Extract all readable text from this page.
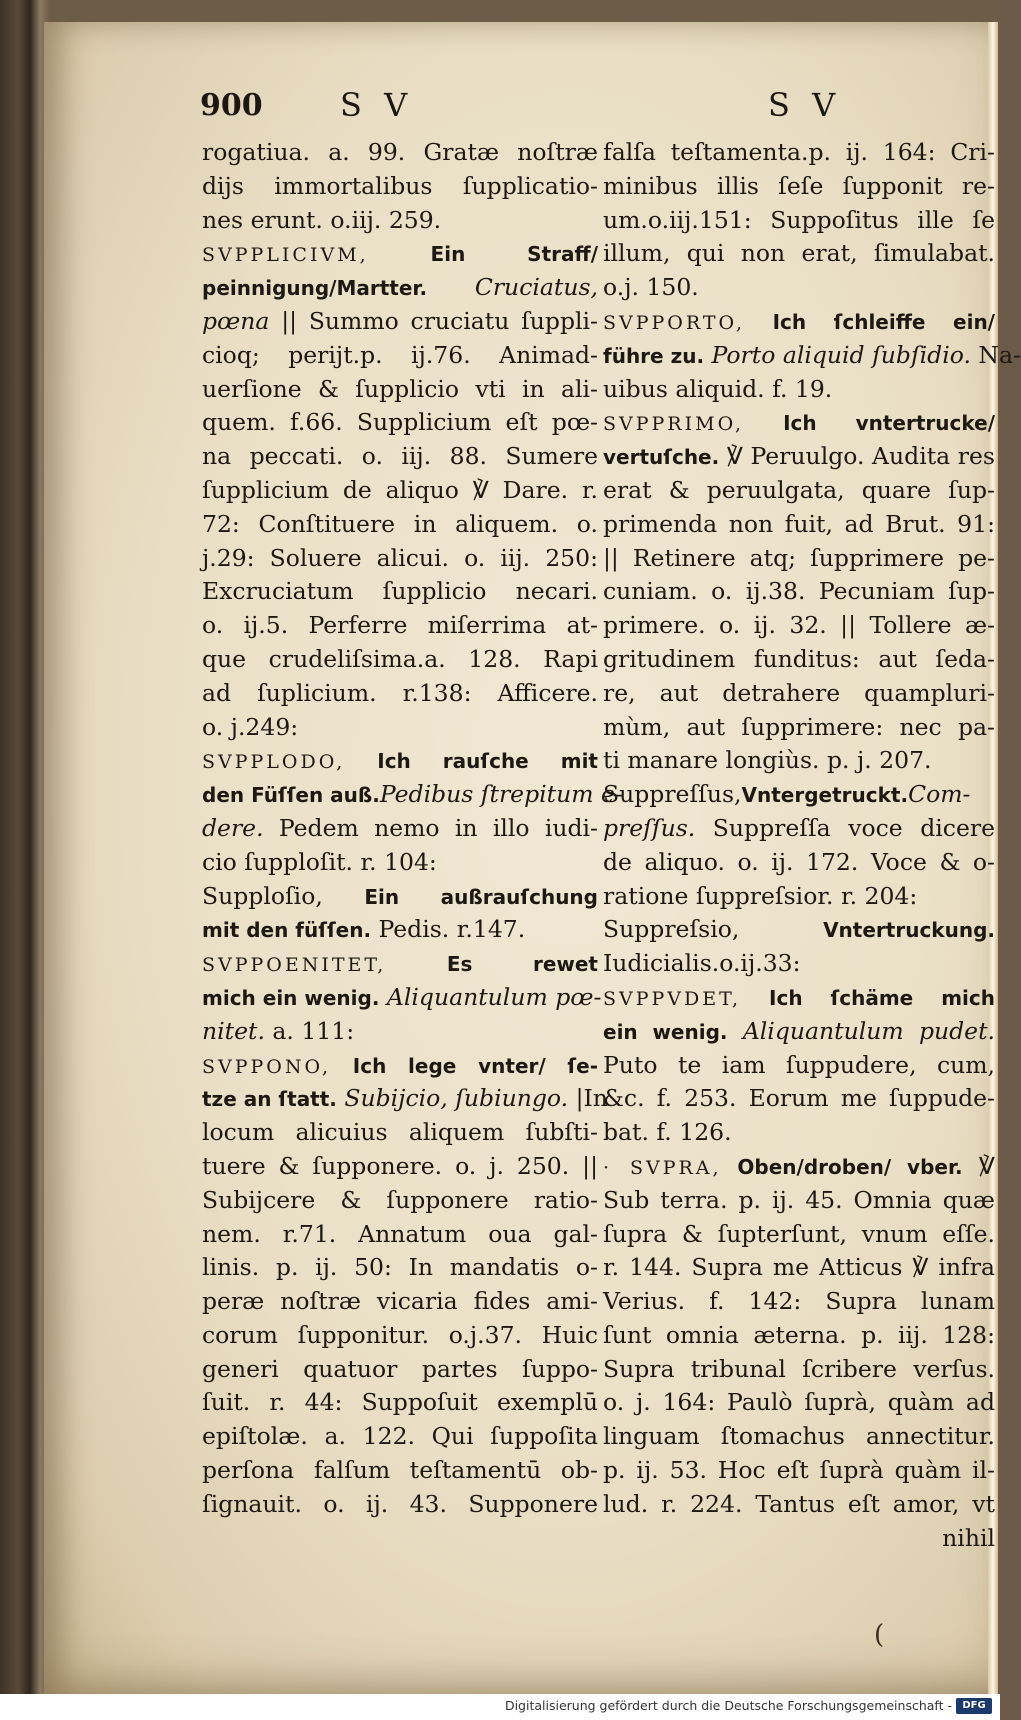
900 S V	S V
rogatiua. a. 99. Gratæ noſtræ
dijs immortalibus ſupplicatio-
nes erunt. o.iij. 259.
SVPPLICIVM, Ein Straff/
peinnigung/Martter. Cruciatus,
pœna || Summo cruciatu ſuppli-
cioq; perijt.p. ij.76. Animad-
uerſione & ſupplicio vti in ali-
quem. f.66. Supplicium eſt pœ-
na peccati. o. iij. 88. Sumere
ſupplicium de aliquo ℣ Dare. r.
72: Conſtituere in aliquem. o.
j.29: Soluere alicui. o. iij. 250:
Excruciatum ſupplicio necari.
o. ij.5. Perferre miſerrima at-
que crudeliſsima.a. 128. Rapi
ad ſuplicium. r.138: Afficere.
o. j.249:
SVPPLODO, Ich rauſche mit
den Füſſen auß.Pedibus ſtrepitum e-
dere. Pedem nemo in illo iudi-
cio ſupploſit. r. 104:
Supploſio, Ein außrauſchung
mit den füſſen. Pedis. r.147.
SVPPOENITET, Es rewet
mich ein wenig. Aliquantulum pœ-
nitet. a. 111:
SVPPONO, Ich lege vnter/ ſe-
tze an ſtatt. Subijcio, ſubiungo. |In
locum alicuius aliquem ſubſti-
tuere & ſupponere. o. j. 250. ||
Subijcere & ſupponere ratio-
nem. r.71. Annatum oua gal-
linis. p. ij. 50: In mandatis o-
peræ noſtræ vicaria fides ami-
corum ſupponitur. o.j.37. Huic
generi quatuor partes ſuppo-
ſuit. r. 44: Suppoſuit exemplū
epiſtolæ. a. 122. Qui ſuppoſita
perſona falſum teſtamentū ob-
ſignauit. o. ij. 43. Supponere
falſa teſtamenta.p. ij. 164: Cri-
minibus illis ſeſe ſupponit re-
um.o.iij.151: Suppoſitus ille ſe
illum, qui non erat, ſimulabat.
o.j. 150.
SVPPORTO, Ich ſchleiffe ein/
führe zu. Porto aliquid ſubſidio. Na-
uibus aliquid. f. 19.
SVPPRIMO, Ich vntertrucke/
vertuſche. ℣ Peruulgo. Audita res
erat & peruulgata, quare ſup-
primenda non fuit, ad Brut. 91:
|| Retinere atq; ſupprimere pe-
cuniam. o. ij.38. Pecuniam ſup-
primere. o. ij. 32. || Tollere æ-
gritudinem funditus: aut ſeda-
re, aut detrahere quampluri-
mùm, aut ſupprimere: nec pa-
ti manare longiùs. p. j. 207.
Suppreſſus,Vntergetruckt.Com-
preſſus. Suppreſſa voce dicere
de aliquo. o. ij. 172. Voce & o-
ratione ſuppreſsior. r. 204:
Suppreſsio, Vntertruckung.
Iudicialis.o.ij.33:
SVPPVDET, Ich ſchäme mich
ein wenig. Aliquantulum pudet.
Puto te iam ſuppudere, cum,
&c. f. 253. Eorum me ſuppude-
bat. f. 126.
· SVPRA, Oben/droben/ vber. ℣
Sub terra. p. ij. 45. Omnia quæ
ſupra & ſupterſunt, vnum eſſe.
r. 144. Supra me Atticus ℣ infra
Verius. f. 142: Supra lunam
ſunt omnia æterna. p. iij. 128:
Supra tribunal ſcribere verſus.
o. j. 164: Paulò ſuprà, quàm ad
linguam ſtomachus annectitur.
p. ij. 53. Hoc eſt ſuprà quàm il-
lud. r. 224. Tantus eſt amor, vt
nihil
(
Digitalisierung gefördert durch die Deutsche Forschungsgemeinschaft -	DFG
